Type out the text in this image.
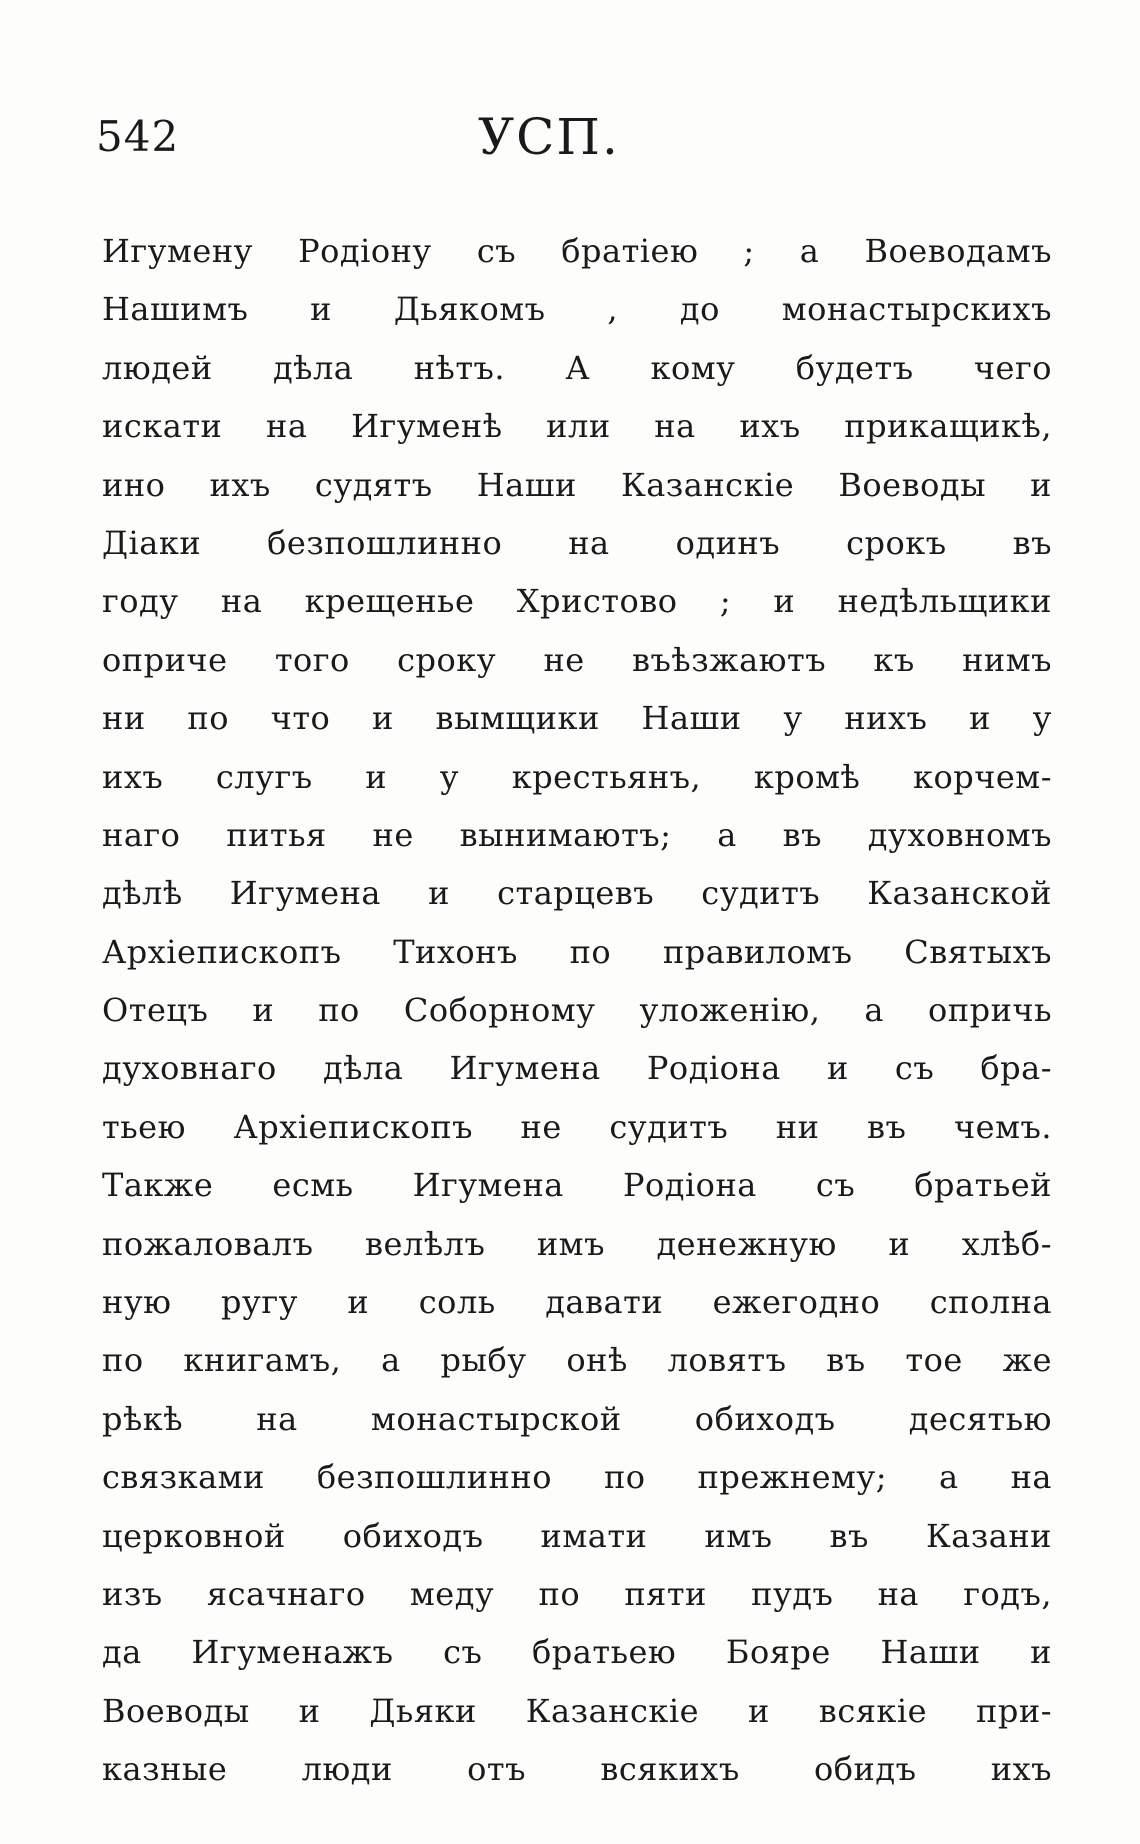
542	УСП.
Игумену Родіону съ братіею ; а Воеводамъ
Нашимъ и Дьякомъ , до монастырскихъ
людей дѣла нѣтъ. А кому будетъ чего
искати на Игуменѣ или на ихъ прикащикѣ,
ино ихъ судятъ Наши Казанскіе Воеводы и
Діаки безпошлинно на одинъ срокъ въ
году на крещенье Христово ; и недѣльщики
опричe того сроку не въѣзжаютъ къ нимъ
ни по что и вымщики Наши у нихъ и у
ихъ слугъ и у крестьянъ, кромѣ корчем-
наго питья не вынимаютъ; а въ духовномъ
дѣлѣ Игумена и старцевъ судитъ Казанской
Архіепископъ Тихонъ по правиломъ Святыхъ
Отецъ и по Соборному уложенію, а опричь
духовнаго дѣла Игумена Родіона и съ бра-
тьею Архіепископъ не судитъ ни въ чемъ.
Также есмь Игумена Родіона съ братьей
пожаловалъ велѣлъ имъ денежную и хлѣб-
ную ругу и соль давати ежегодно сполна
по книгамъ, а рыбу онѣ ловятъ въ тое же
рѣкѣ на монастырской обиходъ десятью
связками безпошлинно по прежнему; а на
церковной обиходъ имати имъ въ Казани
изъ ясачнаго меду по пяти пудъ на годъ,
да Игуменажъ съ братьею Бояре Наши и
Воеводы и Дьяки Казанскіе и всякіе при-
казные люди отъ всякихъ обидъ ихъ
